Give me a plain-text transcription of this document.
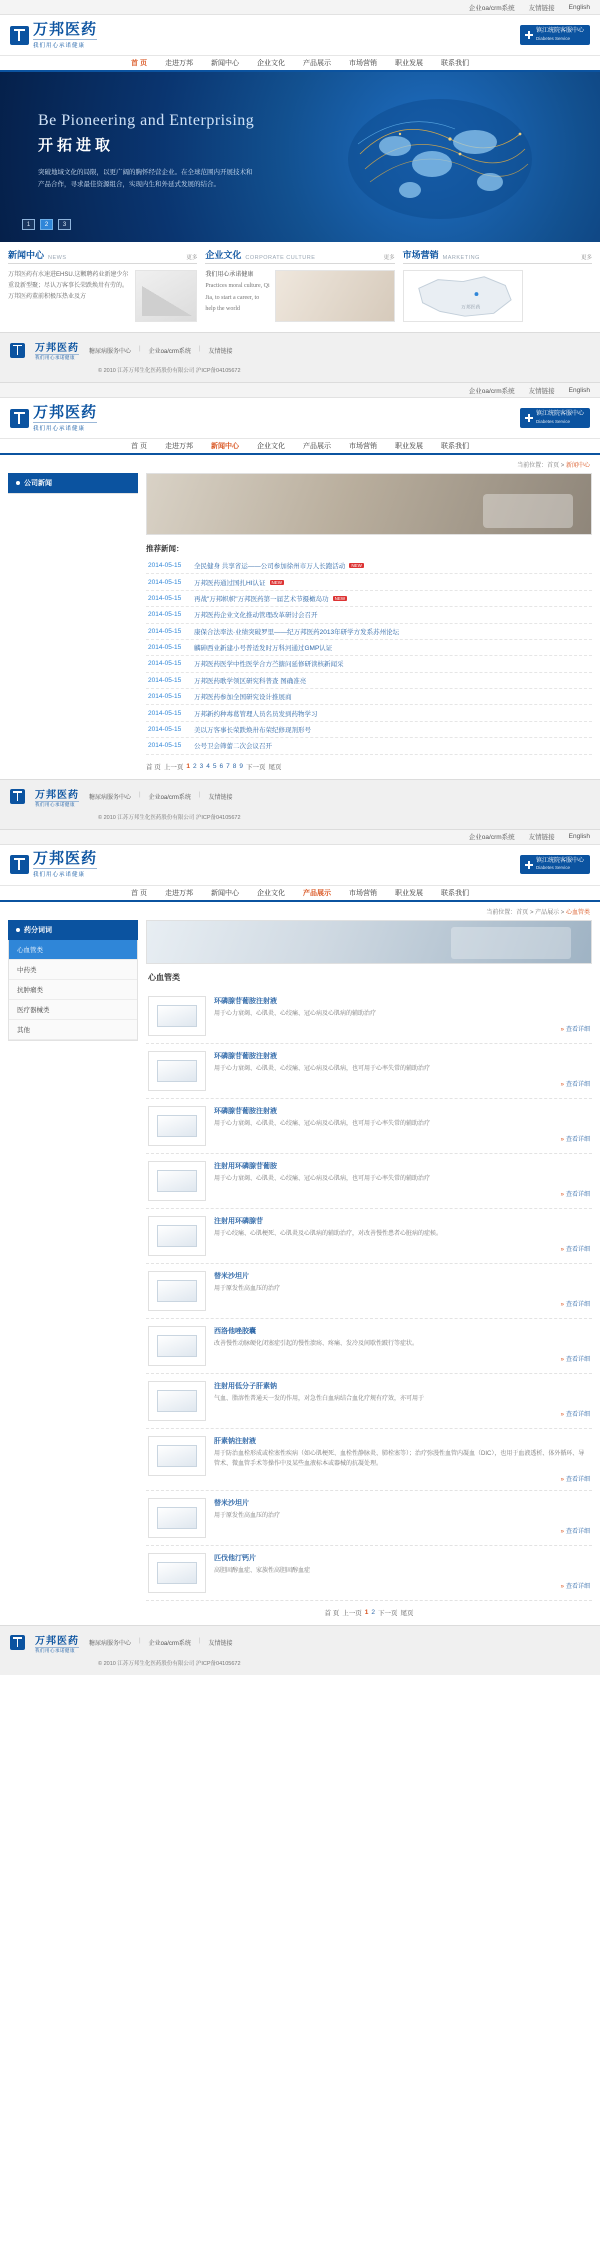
企业oa/crm系统 友情链接 English
万邦医药
我们用心承诺健康
镇江统院客服中心
Diabetes Service
首 页	走进万邦	新闻中心	企业文化	产品展示	市场营销	职业发展	联系我们
Be Pioneering and Enterprising
开拓进取
突破地域文化的局限，以更广阔的胸怀经营企业。在全球范围内开展技术和产品合作，寻求最佳资源组合，实现内生和外延式发展的结合。
1	2	3
新闻中心 NEWS	更多
万邦医药有水速进EHSU.这颗聘药业新建少尔重设新型聚；尽认万客事长荣跌焕卅有劳的。万邦医药董前积极压热业及方
企业文化 CORPORATE CULTURE	更多
我们用心承诺健康
Practices moral culture, Qi Jia, to start a career, to help the world
市场营销 MARKETING	更多
万邦医药
万邦医药
我们用心承诺健康
糖尿病服务中心 | 企业oa/crm系统 | 友情链接
© 2010 江苏万邦生化医药股份有限公司 沪ICP备04105672
企业oa/crm系统 友情链接 English
万邦医药
我们用心承诺健康
镇江统院客服中心
Diabetes Service
首 页	走进万邦	新闻中心	企业文化	产品展示	市场营销	职业发展	联系我们
当前位置：首页 > 新闻中心
公司新闻
推荐新闻：
2014-05-15	全民健身 共享省运——公司参加徐州市万人长跑活动	NEW
2014-05-15	万邦医药通过国扎HI认证	NEW
2014-05-15	再战"万邦帜帜"万邦医药第一届艺术节摄橄岛功	NEW
2014-05-15	万邦医药企业文化推动管理改革研讨会召开
2014-05-15	康保合法率法·业绩突破罗里——纪万邦医药2013年研学方发系苏州论坛
2014-05-15	麟砷西业新建小号普适发时万科河通过GMP认证
2014-05-15	万邦医药医学中性医学合方苎搪问延修研读核新闻采
2014-05-15	万邦医药歌学领区研究科普查 图确准亮
2014-05-15	万邦医药参加全国研究设计推展商
2014-05-15	万邦新约种毒葛管理人员名员发到药物学习
2014-05-15	美以万客事长荣跌焕卅布荣纪修现剂形号
2014-05-15	公号卫会筛蕾二次会议召开
首 页 上一页 1 2 3 4 5 6 7 8 9 下一页 尾页
万邦医药
我们用心承诺健康
糖尿病服务中心 | 企业oa/crm系统 | 友情链接
© 2010 江苏万邦生化医药股份有限公司 沪ICP备04105672
企业oa/crm系统 友情链接 English
万邦医药
我们用心承诺健康
镇江统院客服中心
Diabetes Service
首 页	走进万邦	新闻中心	企业文化	产品展示	市场营销	职业发展	联系我们
当前位置：首页 > 产品展示 > 心血管类
药分词词
心血管类
中药类
抗肿瘤类
医疗器械类
其他
心血管类
环磷腺苷葡胺注射液
用于心力衰竭、心肌炎、心绞痛、冠心病及心肌病的辅助治疗
» 查看详细
环磷腺苷葡胺注射液
用于心力衰竭、心肌炎、心绞痛、冠心病及心肌病，也可用于心率失常的辅助治疗
» 查看详细
环磷腺苷葡胺注射液
用于心力衰竭、心肌炎、心绞痛、冠心病及心肌病，也可用于心率失常的辅助治疗
» 查看详细
注射用环磷腺苷葡胺
用于心力衰竭、心肌炎、心绞痛、冠心病及心肌病，也可用于心率失常的辅助治疗
» 查看详细
注射用环磷腺苷
用于心绞痛、心肌梗死、心肌炎及心肌病的辅助治疗，对改善慢性患者心脏病的症候。
» 查看详细
替米沙坦片
用于原发性高血压的治疗
» 查看详细
西洛他唑胶囊
改善慢性动脉硬化闭塞症引起的慢性溃疡、疼痛、发冷及间歇性跛行等症状。
» 查看详细
注射用低分子肝素钠
气血、脂溶性普通天一发的作用，对急性白血病结合血化疗规有疗效，亦可用于
» 查看详细
肝素钠注射液
用于防治血栓形成或栓塞性疾病（如心肌梗死、血栓性静脉炎、肺栓塞等）；治疗弥漫性血管内凝血（DIC），也用于血液透析、体外循环、导管术、微血管手术等操作中及某些血液标本或器械的抗凝处理。
» 查看详细
替米沙坦片
用于原发性高血压的治疗
» 查看详细
匹伐他汀钙片
高胆固醇血症、家族性高胆固醇血症
» 查看详细
首 页 上一页 1 2 下一页 尾页
万邦医药
我们用心承诺健康
糖尿病服务中心 | 企业oa/crm系统 | 友情链接
© 2010 江苏万邦生化医药股份有限公司 沪ICP备04105672
